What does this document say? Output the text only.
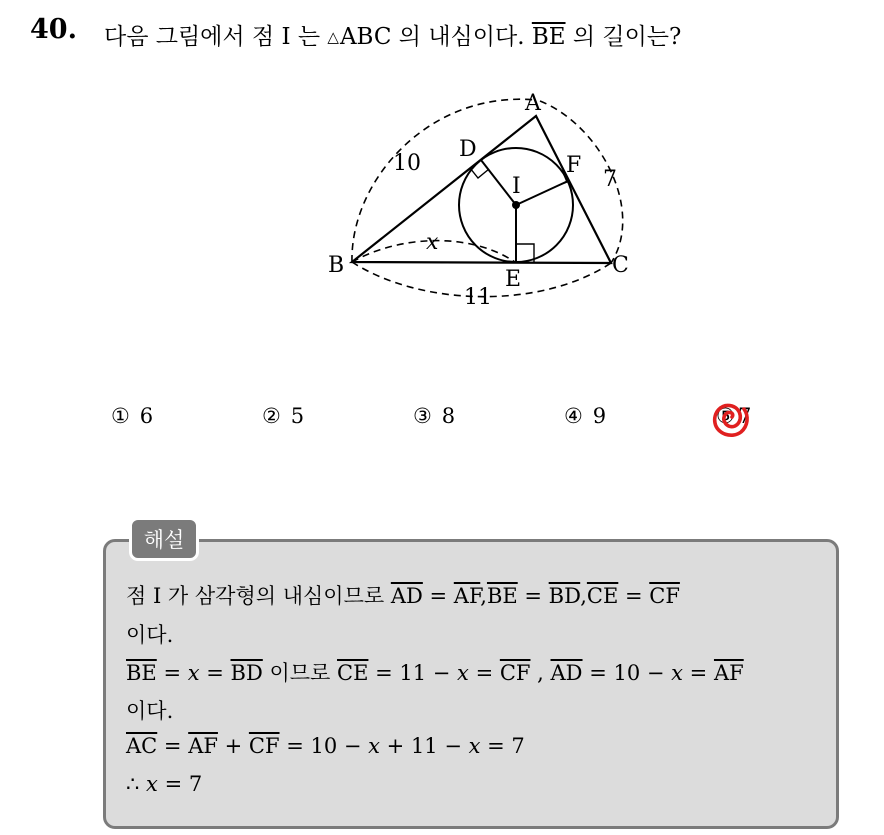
40. 다음 그림에서 점 I 는 △ABC 의 내심이다. $\overline{BE}$ 의 길이는?
A
B	C
D
E
F
I
10
7
11
x
① 6	② 5	③ 8	④ 9	⑤ 7
해설
점 I 가 삼각형의 내심이므로 $\overline{AD} = \overline{AF},\overline{BE} = \overline{BD},\overline{CE} = \overline{CF}$
이다.
$\overline{BE} = x = \overline{BD}$ 이므로 $\overline{CE} = 11 - x = \overline{CF}$ , $\overline{AD} = 10 - x = \overline{AF}$
이다.
$\overline{AC} = \overline{AF} + \overline{CF} = 10 - x + 11 - x = 7$
∴ x = 7
